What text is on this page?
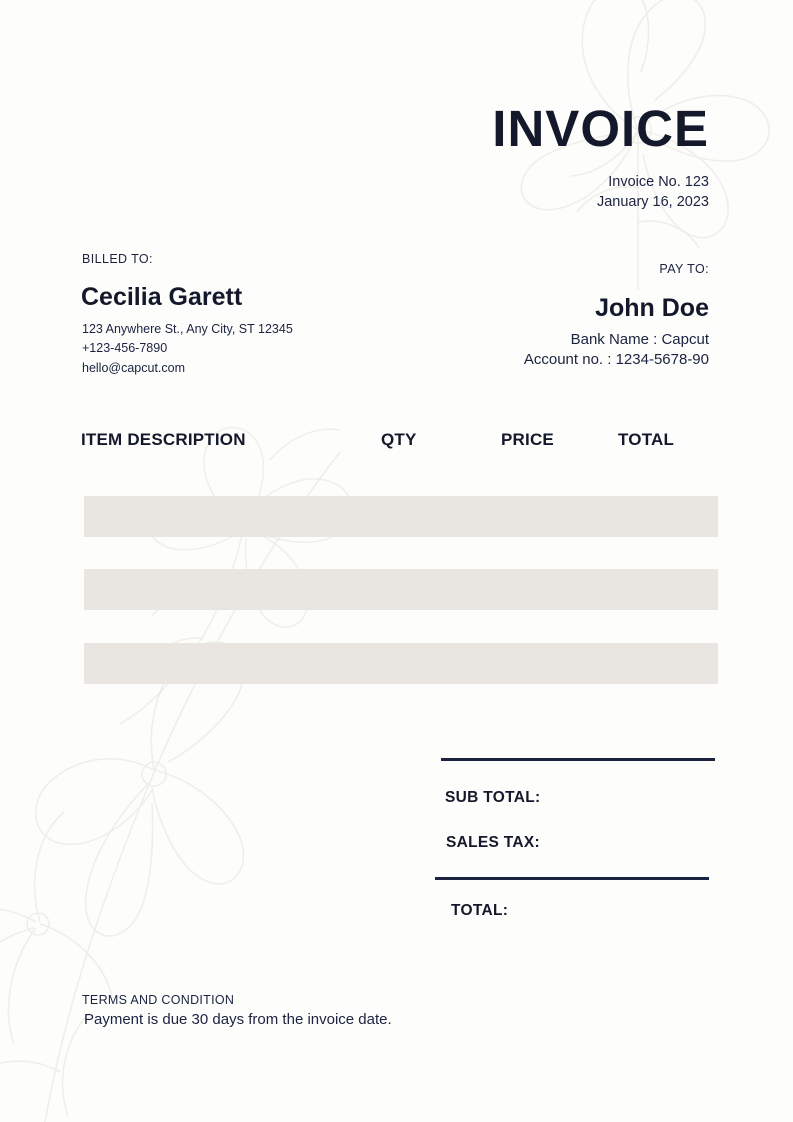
INVOICE
Invoice No. 123
January 16, 2023
BILLED TO:
Cecilia Garett
123 Anywhere St., Any City, ST 12345
+123-456-7890
hello@capcut.com
PAY TO:
John Doe
Bank Name : Capcut
Account no. : 1234-5678-90
ITEM DESCRIPTION	QTY	PRICE	TOTAL
SUB TOTAL:
SALES TAX:
TOTAL:
TERMS AND CONDITION
Payment is due 30 days from the invoice date.
